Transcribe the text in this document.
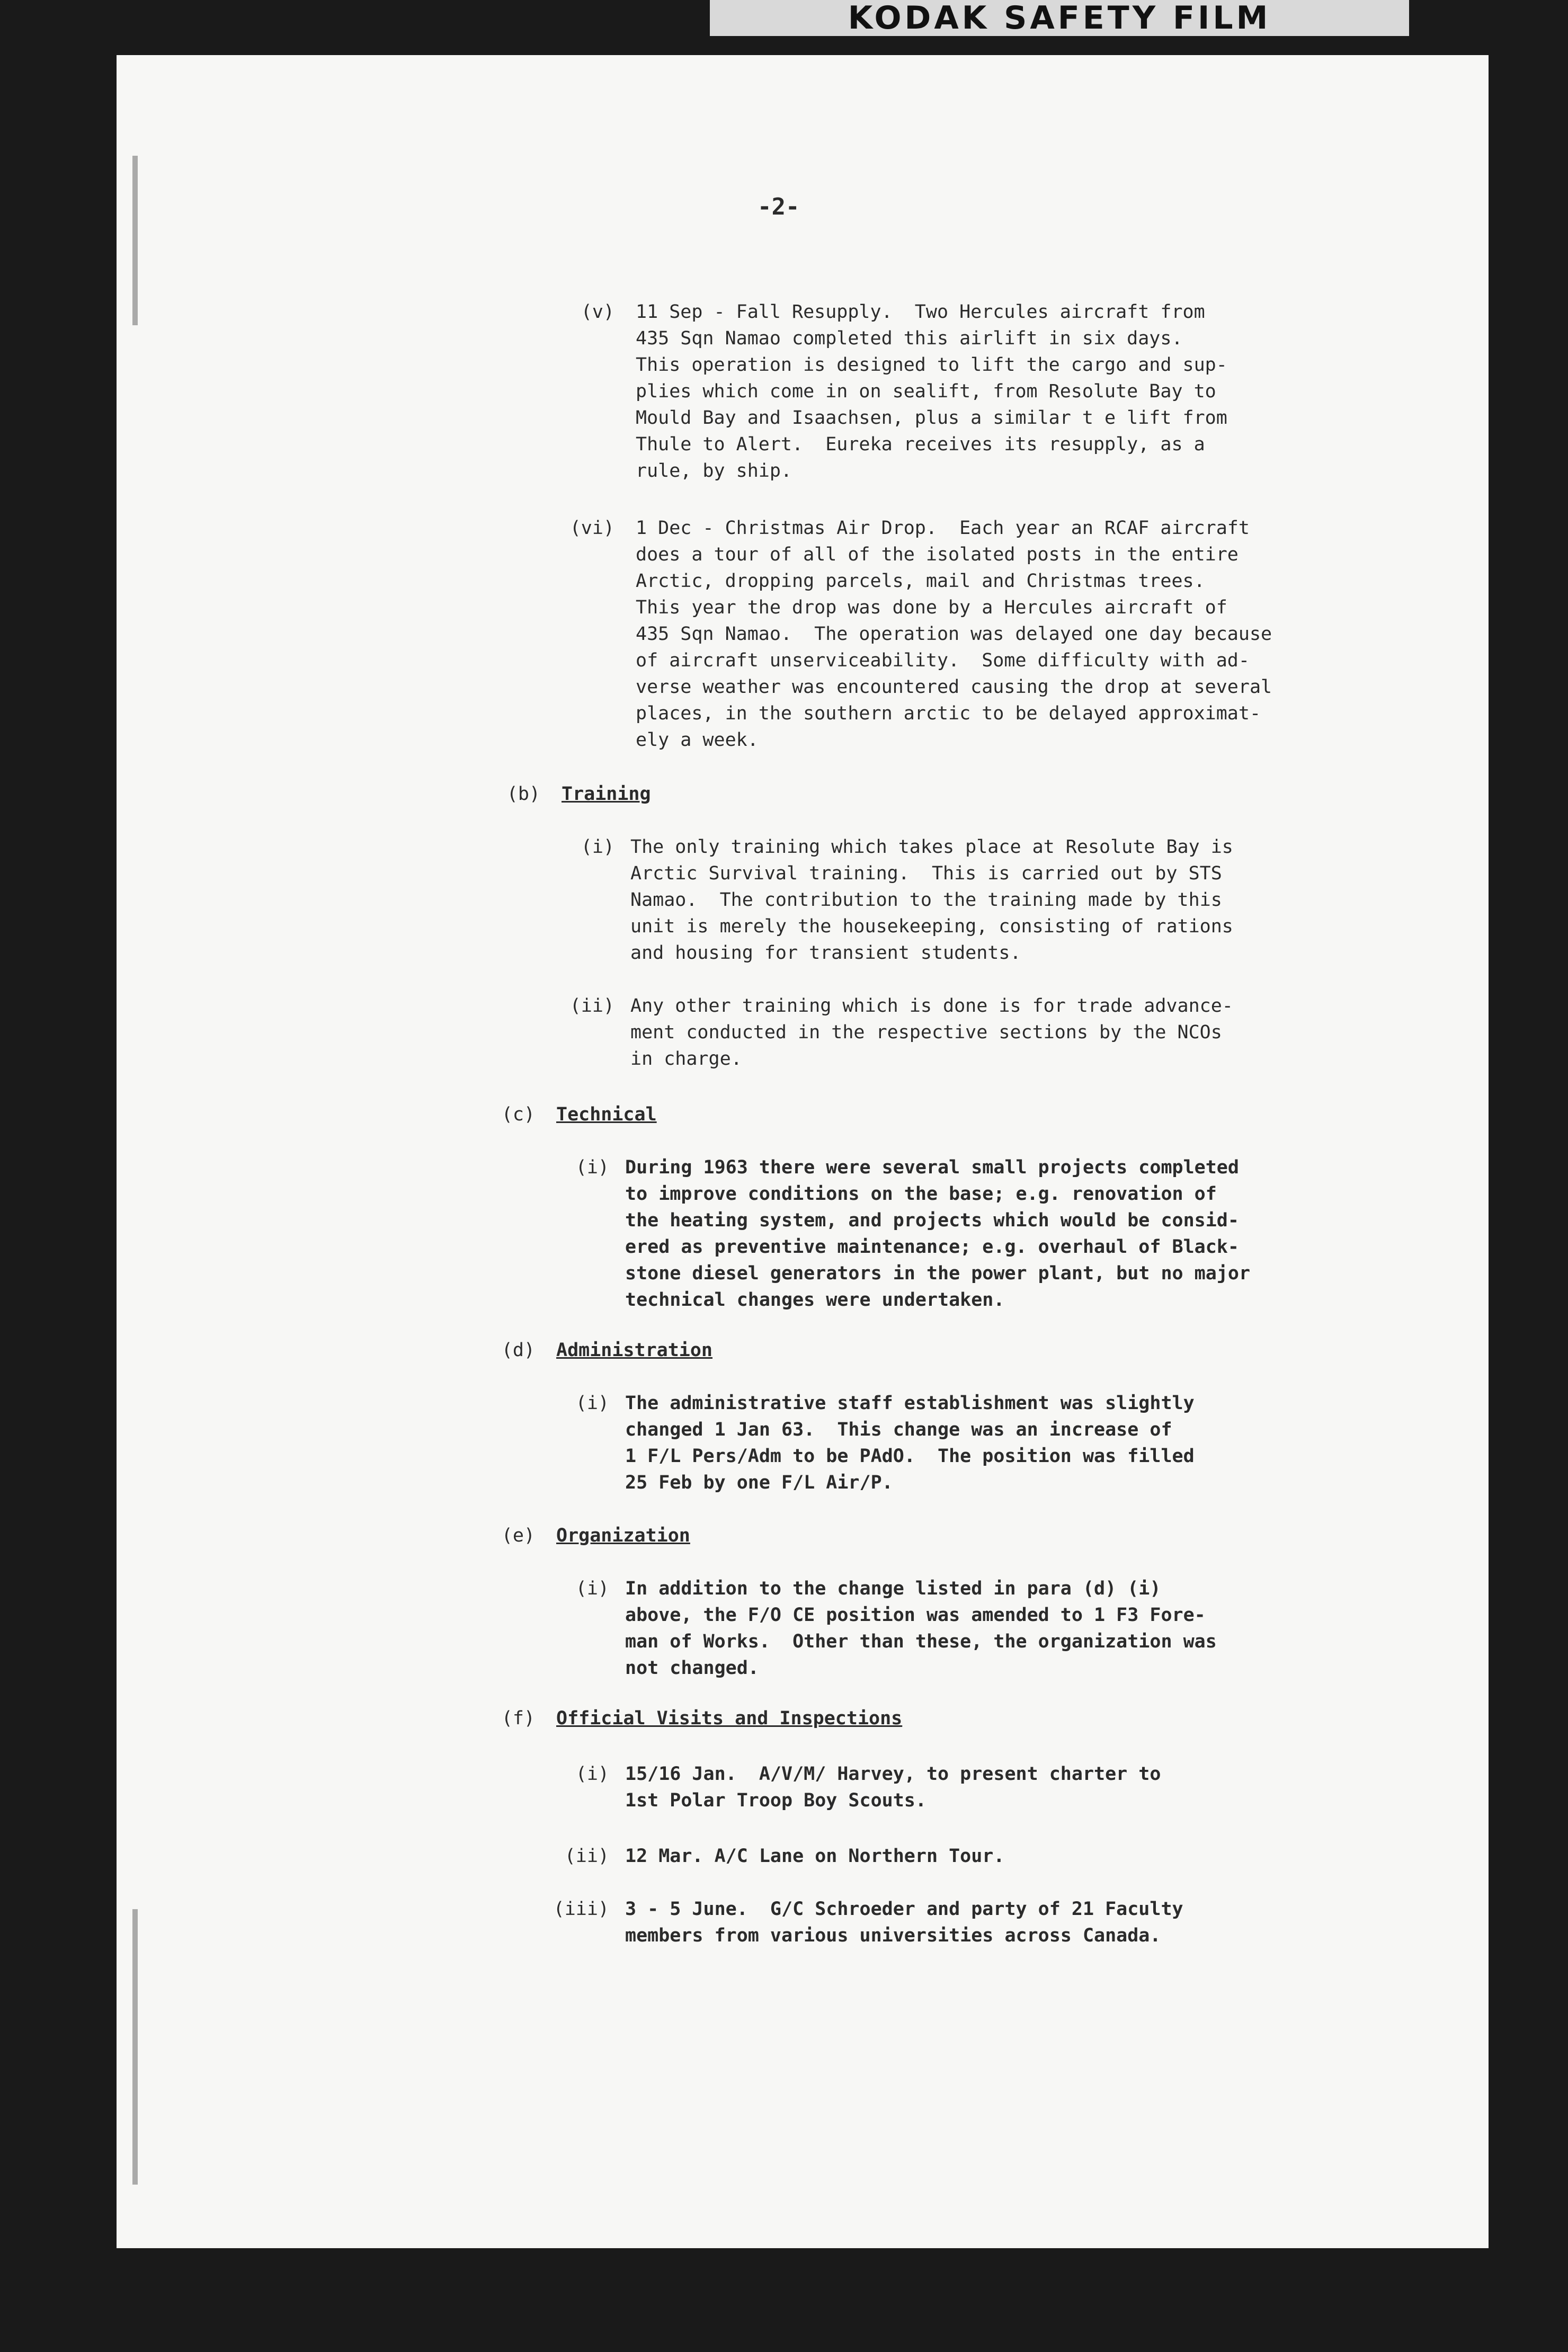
KODAK SAFETY FILM
-2-
(v) 11 Sep - Fall Resupply.  Two Hercules aircraft from
435 Sqn Namao completed this airlift in six days.
This operation is designed to lift the cargo and sup-
plies which come in on sealift, from Resolute Bay to
Mould Bay and Isaachsen, plus a similar t e lift from
Thule to Alert.  Eureka receives its resupply, as a
rule, by ship.
(vi) 1 Dec - Christmas Air Drop.  Each year an RCAF aircraft
does a tour of all of the isolated posts in the entire
Arctic, dropping parcels, mail and Christmas trees.
This year the drop was done by a Hercules aircraft of
435 Sqn Namao.  The operation was delayed one day because
of aircraft unserviceability.  Some difficulty with ad-
verse weather was encountered causing the drop at several
places, in the southern arctic to be delayed approximat-
ely a week.
(b) Training
(i) The only training which takes place at Resolute Bay is
Arctic Survival training.  This is carried out by STS
Namao.  The contribution to the training made by this
unit is merely the housekeeping, consisting of rations
and housing for transient students.
(ii) Any other training which is done is for trade advance-
ment conducted in the respective sections by the NCOs
in charge.
(c) Technical
(i) During 1963 there were several small projects completed
to improve conditions on the base; e.g. renovation of
the heating system, and projects which would be consid-
ered as preventive maintenance; e.g. overhaul of Black-
stone diesel generators in the power plant, but no major
technical changes were undertaken.
(d) Administration
(i) The administrative staff establishment was slightly
changed 1 Jan 63.  This change was an increase of
1 F/L Pers/Adm to be PAdO.  The position was filled
25 Feb by one F/L Air/P.
(e) Organization
(i) In addition to the change listed in para (d) (i)
above, the F/O CE position was amended to 1 F3 Fore-
man of Works.  Other than these, the organization was
not changed.
(f) Official Visits and Inspections
(i) 15/16 Jan.  A/V/M/ Harvey, to present charter to
1st Polar Troop Boy Scouts.
(ii) 12 Mar. A/C Lane on Northern Tour.
(iii) 3 - 5 June.  G/C Schroeder and party of 21 Faculty
members from various universities across Canada.
